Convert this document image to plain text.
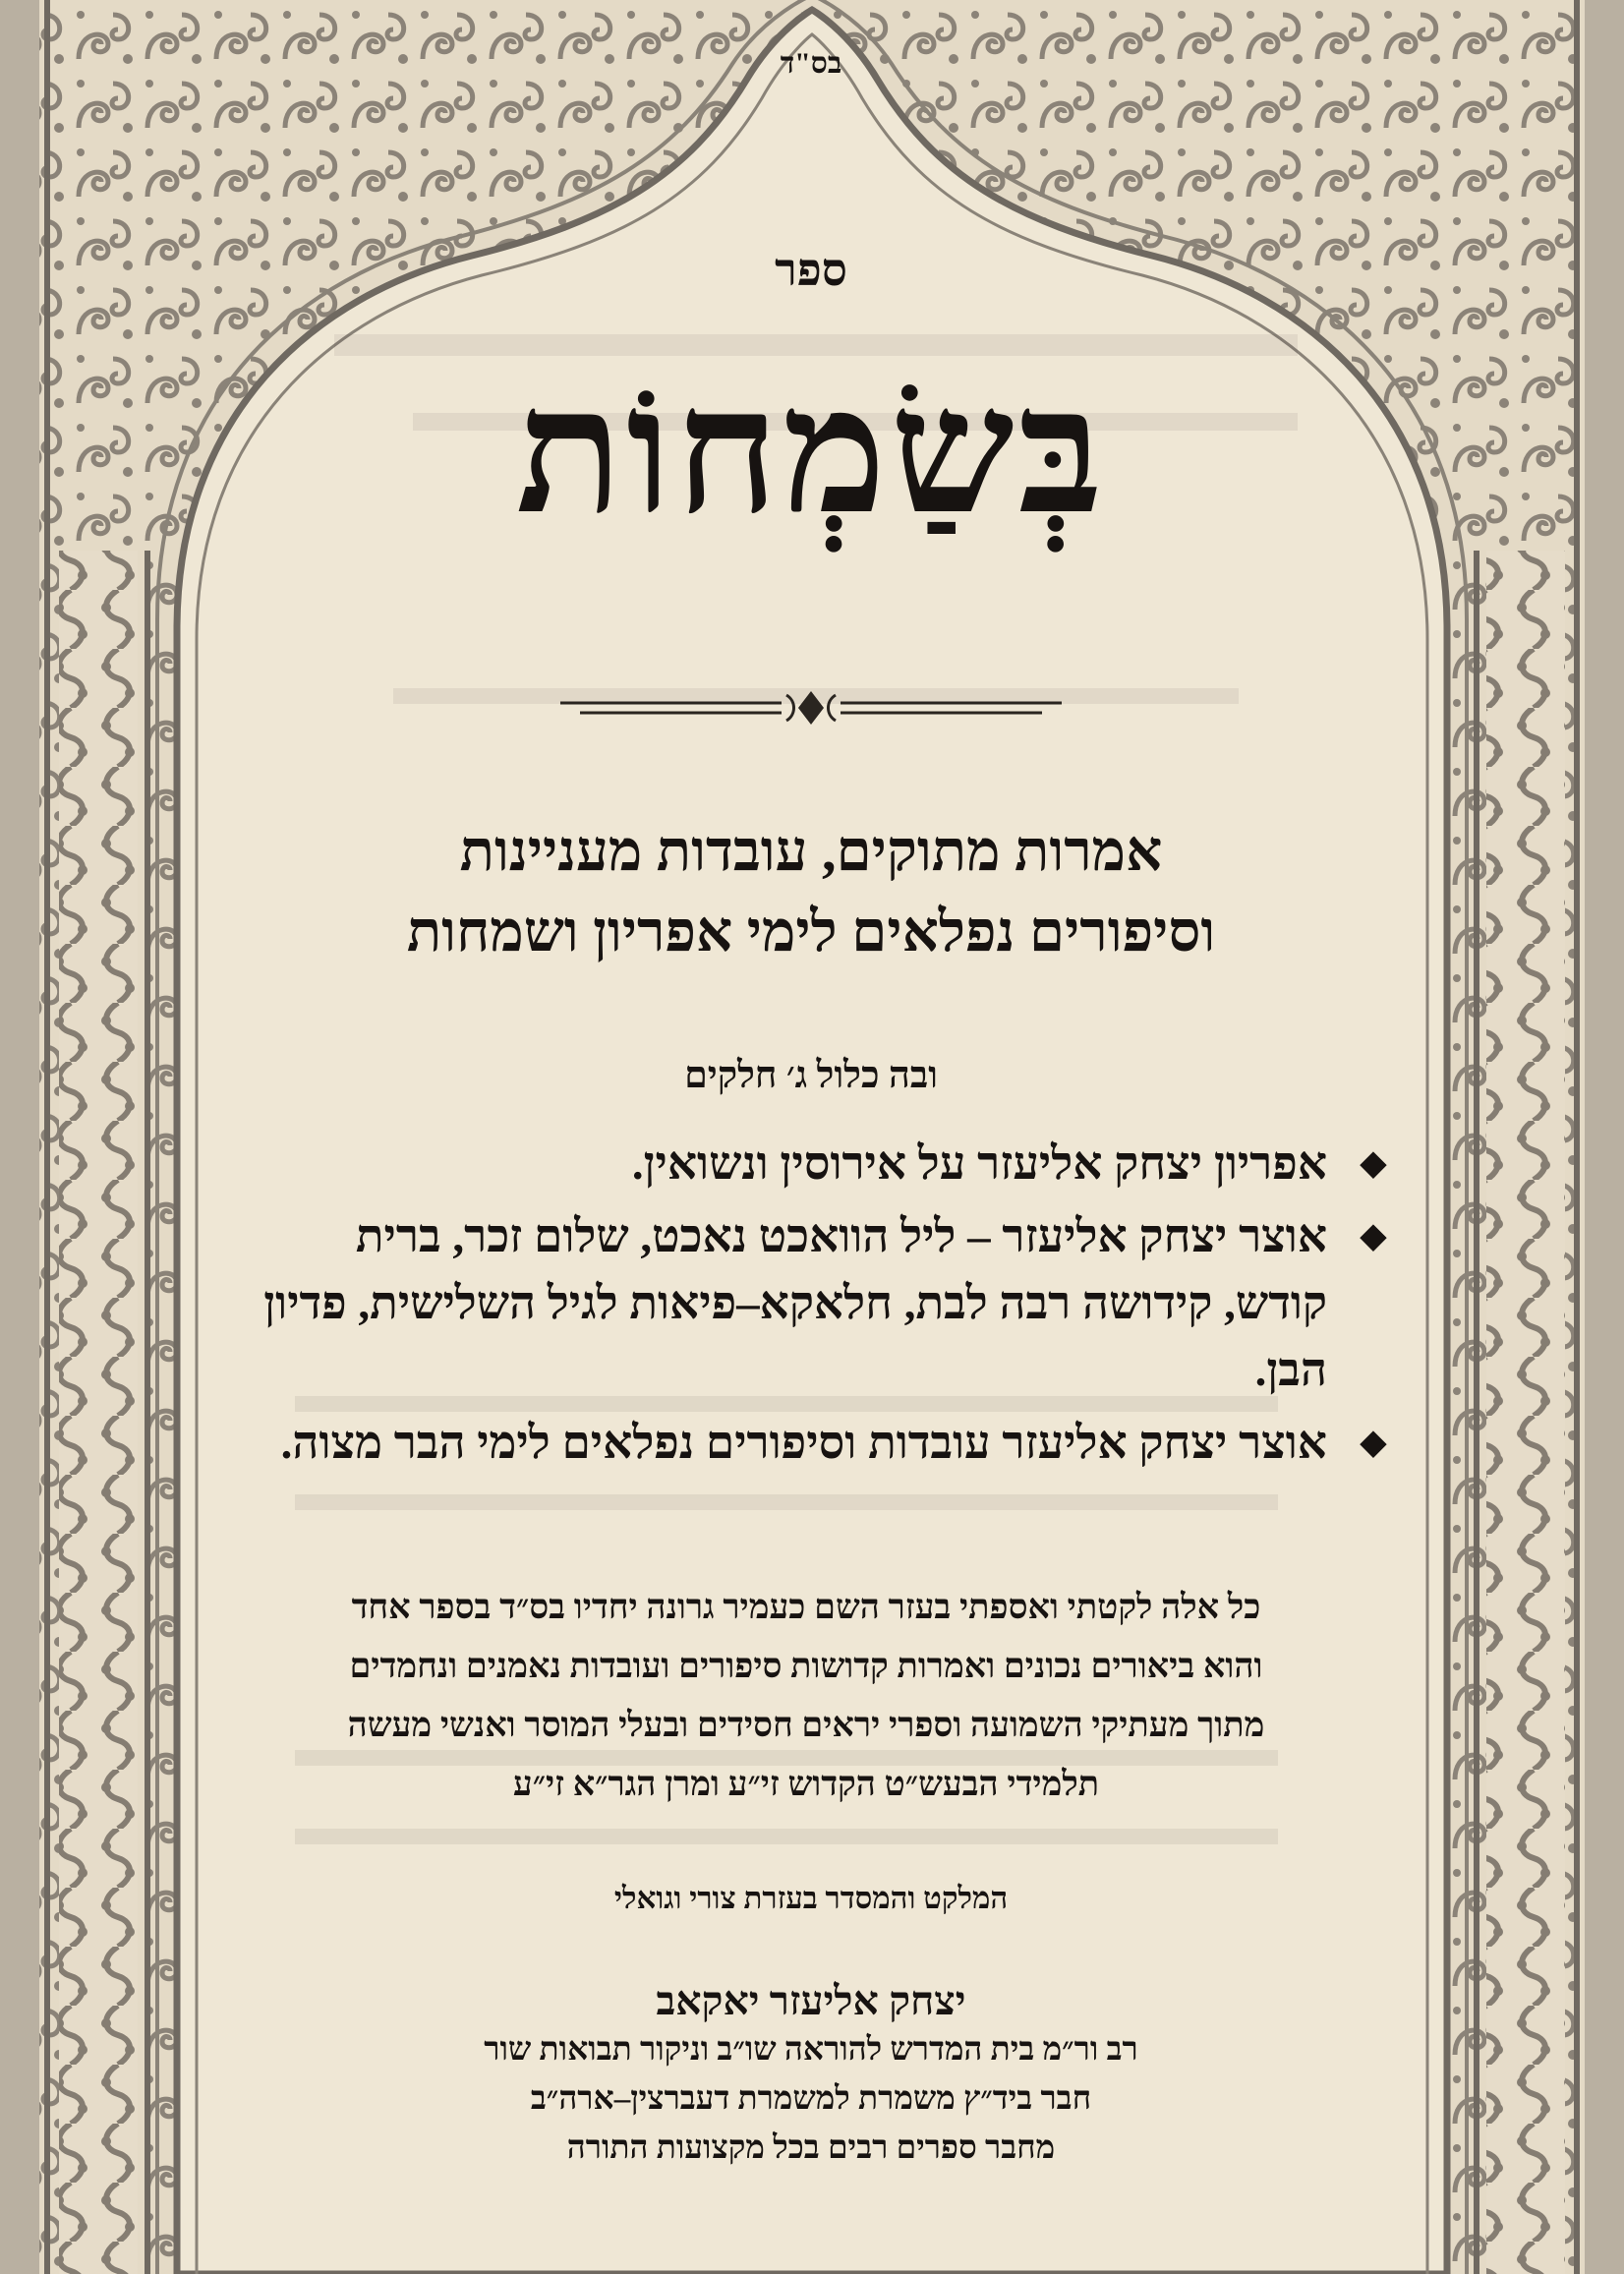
בס"ד
ספר
בְּשַׂמְחוֹת
אמרות מתוקים, עובדות מעניינות
וסיפורים נפלאים לימי אפריון ושמחות
ובה כלול ג׳ חלקים
◆
אפריון יצחק אליעזר על אירוסין ונשואין.
◆
אוצר יצחק אליעזר – ליל הוואכט נאכט, שלום זכר, ברית קודש, קידושה רבה לבת, חלאקא–פיאות לגיל השלישית, פדיון הבן.
◆
אוצר יצחק אליעזר עובדות וסיפורים נפלאים לימי הבר מצוה.

כל אלה לקטתי ואספתי בעזר השם כעמיר גרונה יחדיו בס״ד בספר אחד

והוא ביאורים נכונים ואמרות קדושות סיפורים ועובדות נאמנים ונחמדים

מתוך מעתיקי השמועה וספרי יראים חסידים ובעלי המוסר ואנשי מעשה

תלמידי הבעש״ט הקדוש זי״ע ומרן הגר״א זי״ע

המלקט והמסדר בעזרת צורי וגואלי
יצחק אליעזר יאקאב

רב ור״מ בית המדרש להוראה שו״ב וניקור תבואות שור

חבר ביד״ץ משמרת למשמרת דעברצין–ארה״ב

מחבר ספרים רבים בכל מקצועות התורה
